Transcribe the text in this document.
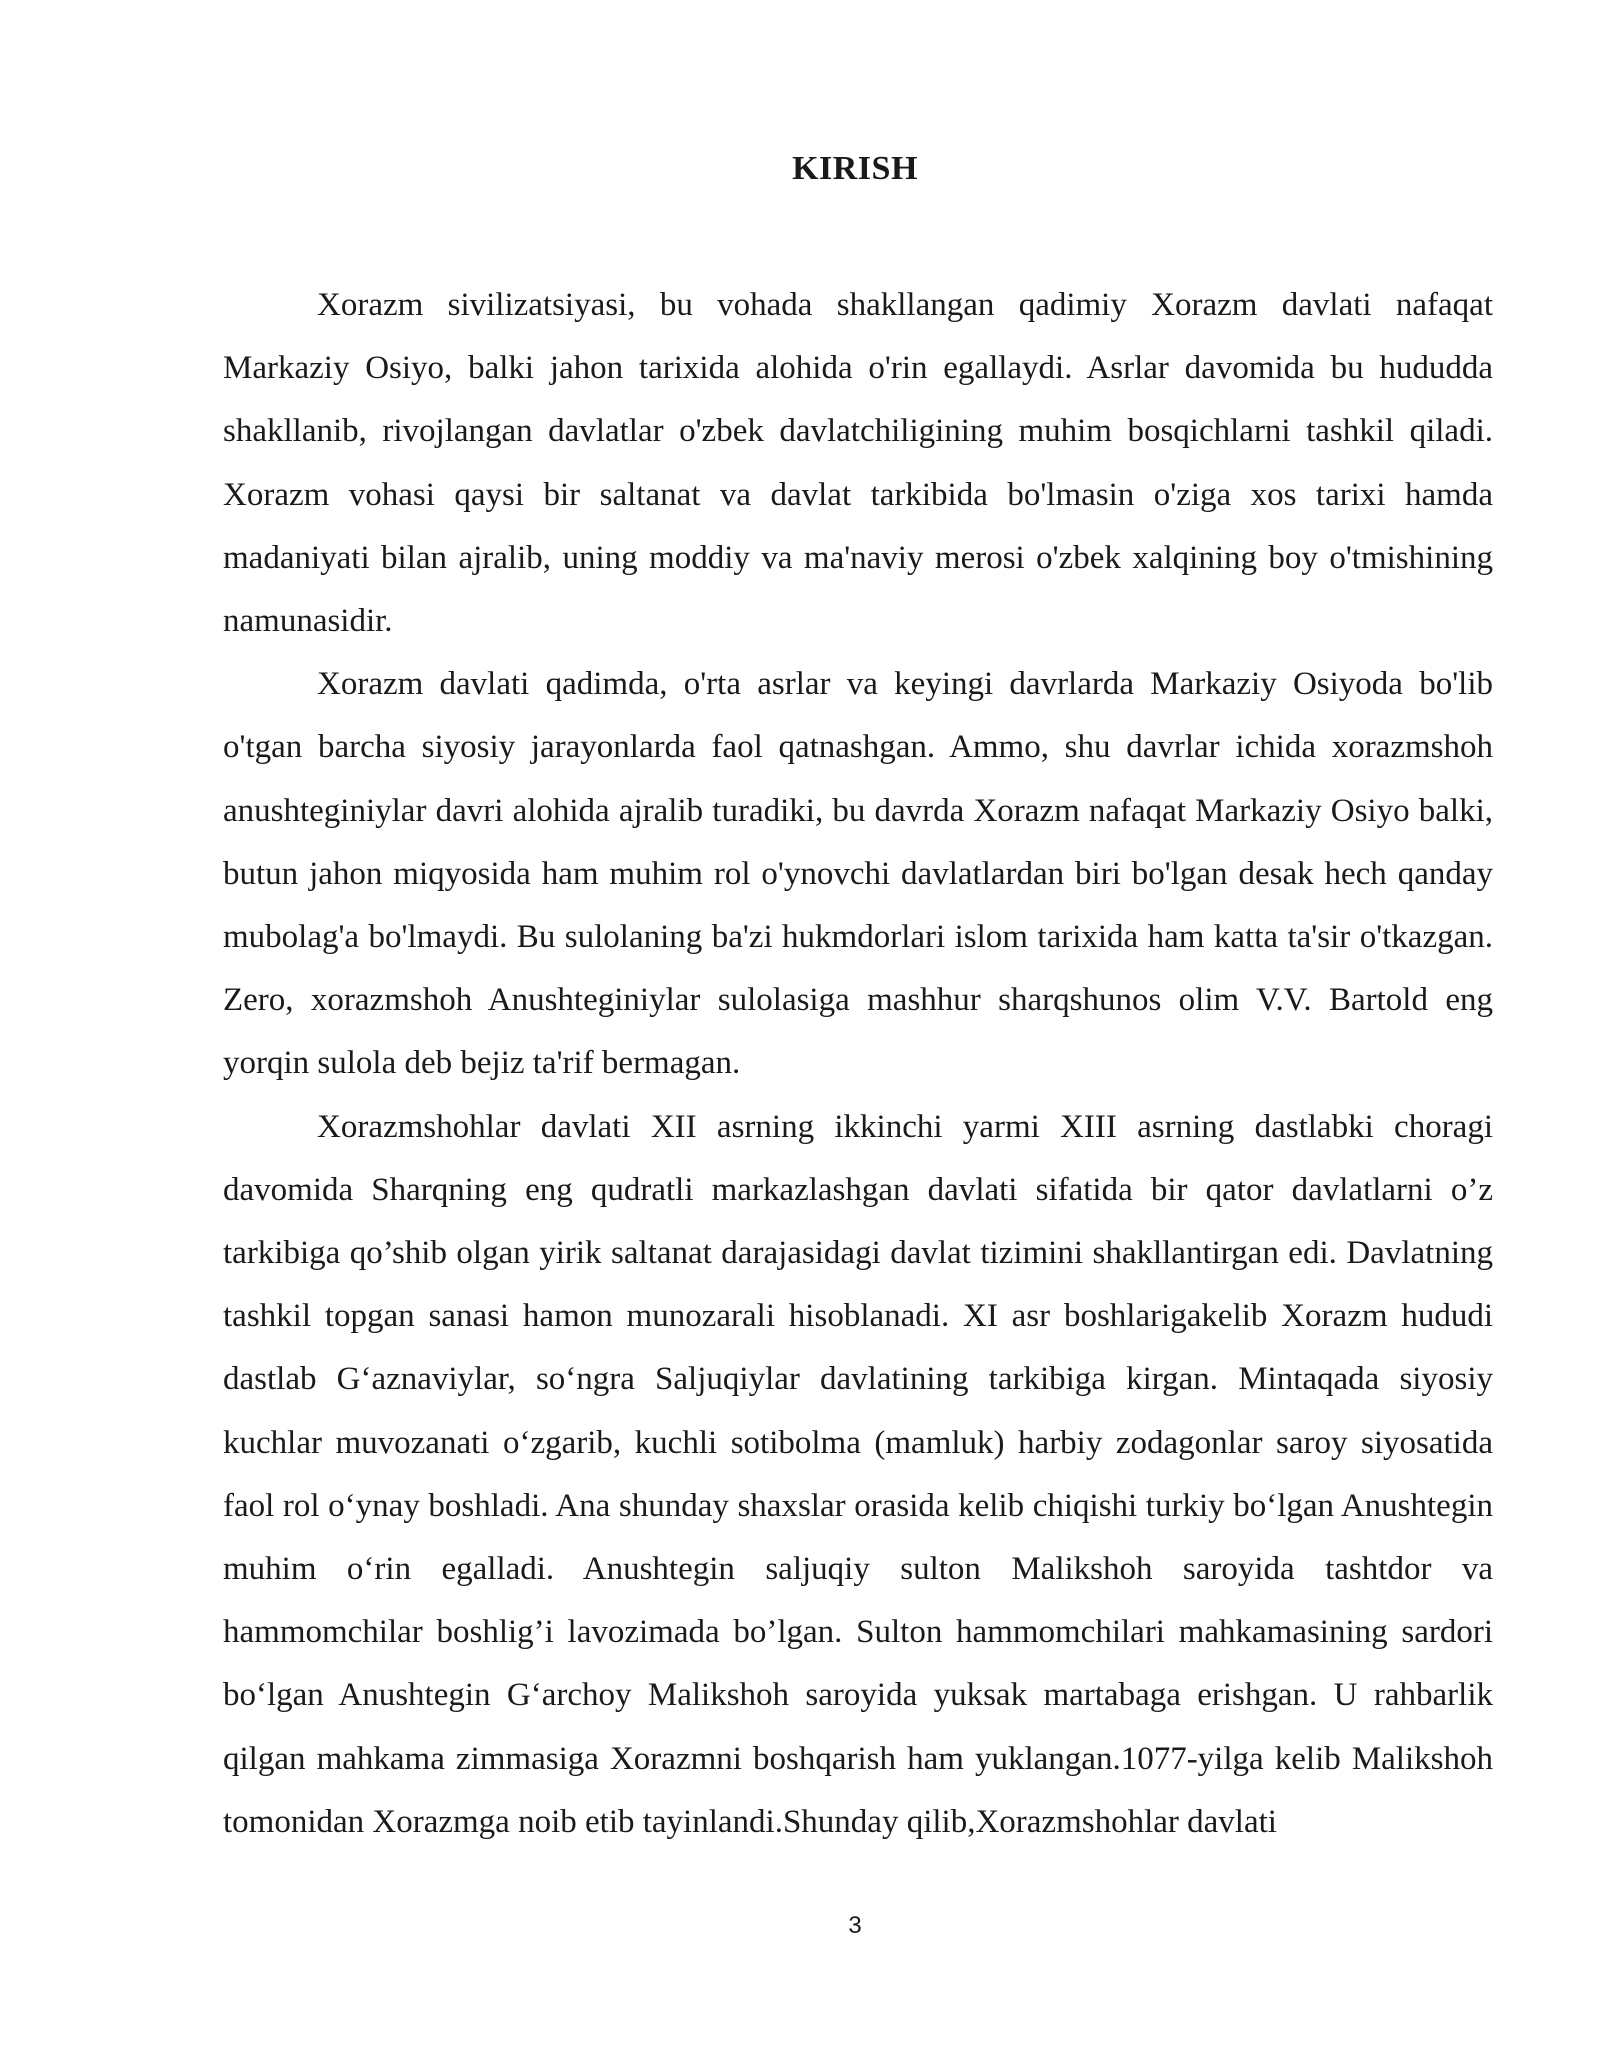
KIRISH

Xorazm sivilizatsiyasi, bu vohada shakllangan qadimiy Xorazm davlati nafaqat Markaziy Osiyo, balki jahon tarixida alohida o'rin egallaydi. Asrlar davomida bu hududda shakllanib, rivojlangan davlatlar o'zbek davlatchiligining muhim bosqichlarni tashkil qiladi. Xorazm vohasi qaysi bir saltanat va davlat tarkibida bo'lmasin o'ziga xos tarixi hamda madaniyati bilan ajralib, uning moddiy va ma'naviy merosi o'zbek xalqining boy o'tmishining namunasidir.

Xorazm davlati qadimda, o'rta asrlar va keyingi davrlarda Markaziy Osiyoda bo'lib o'tgan barcha siyosiy jarayonlarda faol qatnashgan. Ammo, shu davrlar ichida xorazmshoh anushteginiylar davri alohida ajralib turadiki, bu davrda Xorazm nafaqat Markaziy Osiyo balki, butun jahon miqyosida ham muhim rol o'ynovchi davlatlardan biri bo'lgan desak hech qanday mubolag'a bo'lmaydi. Bu sulolaning ba'zi hukmdorlari islom tarixida ham katta ta'sir o'tkazgan. Zero, xorazmshoh Anushteginiylar sulolasiga mashhur sharqshunos olim V.V. Bartold eng yorqin sulola deb bejiz ta'rif bermagan.

Xorazmshohlar davlati XII asrning ikkinchi yarmi XIII asrning dastlabki choragi davomida Sharqning eng qudratli markazlashgan davlati sifatida bir qator davlatlarni o’z tarkibiga qo’shib olgan yirik saltanat darajasidagi davlat tizimini shakllantirgan edi. Davlatning tashkil topgan sanasi hamon munozarali hisoblanadi. XI asr boshlarigakelib Xorazm hududi dastlab G‘aznaviylar, so‘ngra Saljuqiylar davlatining tarkibiga kirgan. Mintaqada siyosiy kuchlar muvozanati o‘zgarib, kuchli sotibolma (mamluk) harbiy zodagonlar saroy siyosatida faol rol o‘ynay boshladi. Ana shunday shaxslar orasida kelib chiqishi turkiy bo‘lgan Anushtegin muhim o‘rin egalladi. Anushtegin saljuqiy sulton Malikshoh saroyida tashtdor va hammomchilar boshlig’i lavozimada bo’lgan. Sulton hammomchilari mahkamasining sardori bo‘lgan Anushtegin G‘archoy Malikshoh saroyida yuksak martabaga erishgan. U rahbarlik qilgan mahkama zimmasiga Xorazmni boshqarish ham yuklangan.1077-yilga kelib Malikshoh tomonidan Xorazmga noib etib tayinlandi.Shunday qilib,Xorazmshohlar davlati

3
